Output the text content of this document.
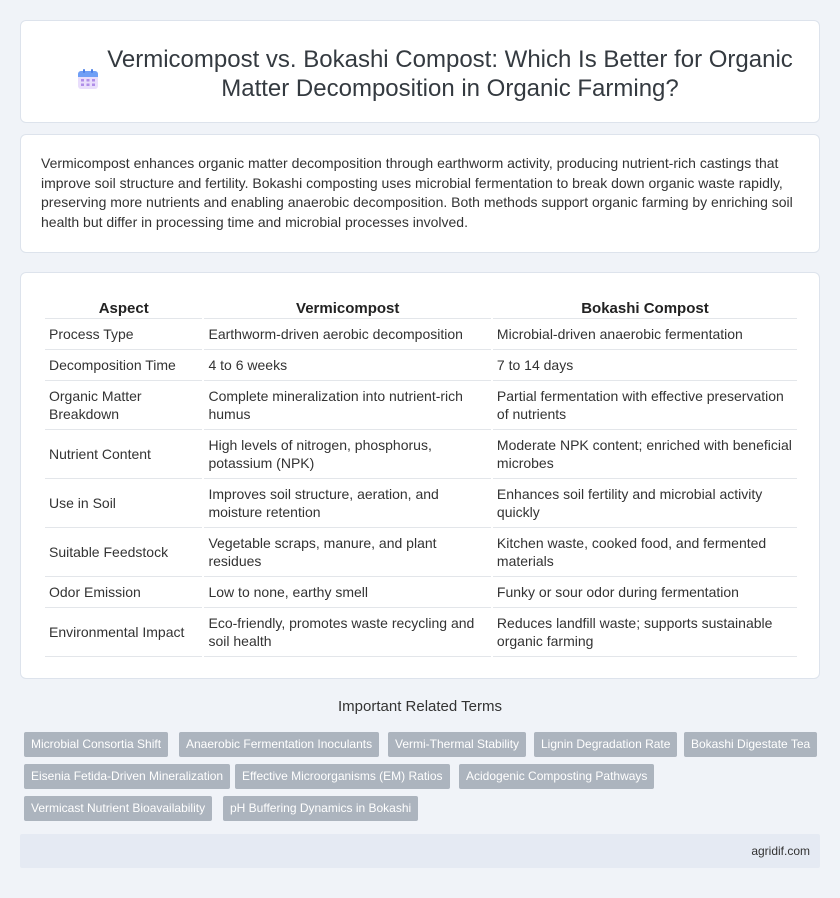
Vermicompost vs. Bokashi Compost: Which Is Better for Organic Matter Decomposition in Organic Farming?

Vermicompost enhances organic matter decomposition through earthworm activity, producing nutrient-rich castings that improve soil structure and fertility. Bokashi composting uses microbial fermentation to break down organic waste rapidly, preserving more nutrients and enabling anaerobic decomposition. Both methods support organic farming by enriching soil health but differ in processing time and microbial processes involved.

Aspect	Vermicompost	Bokashi Compost
Process Type	Earthworm-driven aerobic decomposition	Microbial-driven anaerobic fermentation
Decomposition Time	4 to 6 weeks	7 to 14 days
Organic Matter Breakdown	Complete mineralization into nutrient-rich humus	Partial fermentation with effective preservation of nutrients
Nutrient Content	High levels of nitrogen, phosphorus, potassium (NPK)	Moderate NPK content; enriched with beneficial microbes
Use in Soil	Improves soil structure, aeration, and moisture retention	Enhances soil fertility and microbial activity quickly
Suitable Feedstock	Vegetable scraps, manure, and plant residues	Kitchen waste, cooked food, and fermented materials
Odor Emission	Low to none, earthy smell	Funky or sour odor during fermentation
Environmental Impact	Eco-friendly, promotes waste recycling and soil health	Reduces landfill waste; supports sustainable organic farming
Important Related Terms
Microbial Consortia Shift	Anaerobic Fermentation Inoculants	Vermi-Thermal Stability	Lignin Degradation Rate	Bokashi Digestate Tea
Eisenia Fetida-Driven Mineralization	Effective Microorganisms (EM) Ratios	Acidogenic Composting Pathways
Vermicast Nutrient Bioavailability	pH Buffering Dynamics in Bokashi
agridif.com
